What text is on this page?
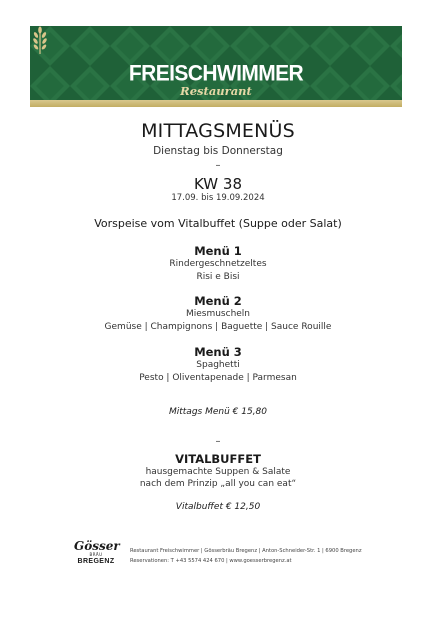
FREISCHWIMMER

Restaurant

MITTAGSMENÜS

Dienstag bis Donnerstag

–

KW 38

17.09. bis 19.09.2024

Vorspeise vom Vitalbuffet (Suppe oder Salat)

Menü 1

Rindergeschnetzeltes

Risi e Bisi

Menü 2

Miesmuscheln

Gemüse | Champignons | Baguette | Sauce Rouille

Menü 3

Spaghetti

Pesto | Oliventapenade | Parmesan

Mittags Menü € 15,80

–

VITALBUFFET

hausgemachte Suppen & Salate

nach dem Prinzip „all you can eat“

Vitalbuffet € 12,50

Gösser
BRÄU
BREGENZ

Restaurant Freischwimmer | Gösserbräu Bregenz | Anton-Schneider-Str. 1 | 6900 Bregenz

Reservationen: T +43 5574 424 670 | www.goesserbregenz.at
